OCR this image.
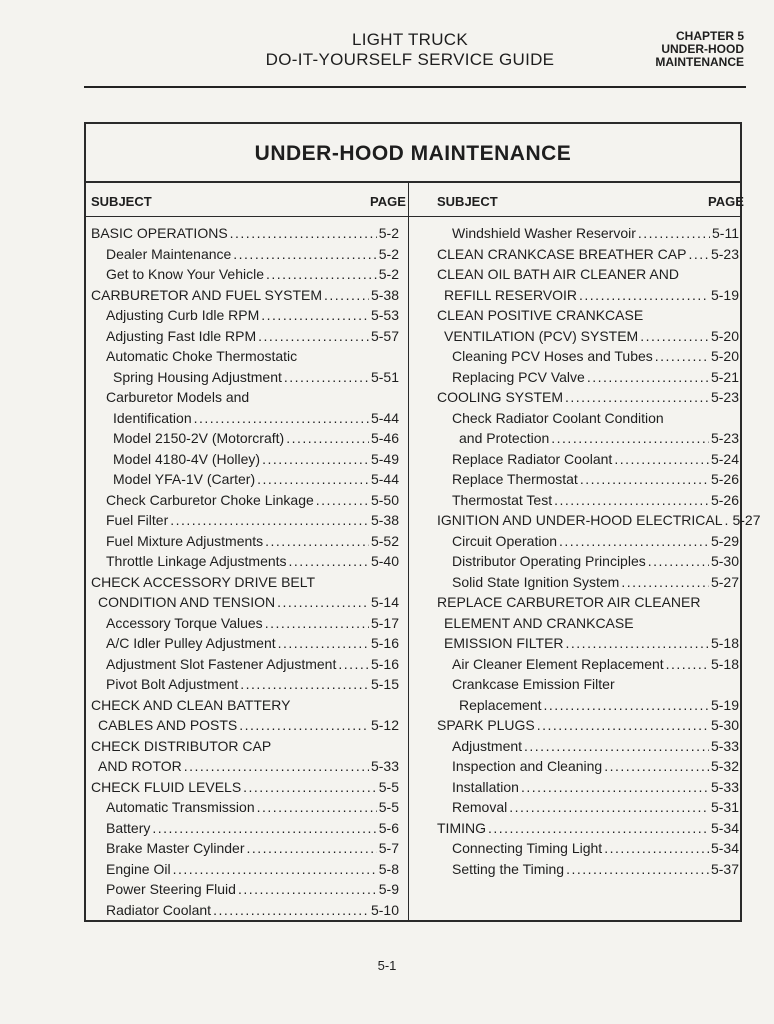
LIGHT TRUCK
DO-IT-YOURSELF SERVICE GUIDE
CHAPTER 5
UNDER-HOOD
MAINTENANCE
UNDER-HOOD MAINTENANCE
SUBJECT	PAGE SUBJECT	PAGE
BASIC OPERATIONS . . .	5-2
Dealer Maintenance . . .	5-2
Get to Know Your Vehicle . . .	5-2
CARBURETOR AND FUEL SYSTEM . . .	5-38
Adjusting Curb Idle RPM . . .	5-53
Adjusting Fast Idle RPM . . .	5-57
Automatic Choke Thermostatic
Spring Housing Adjustment . . .	5-51
Carburetor Models and
Identification . . .	5-44
Model 2150-2V (Motorcraft) . . .	5-46
Model 4180-4V (Holley) . . .	5-49
Model YFA-1V (Carter) . . .	5-44
Check Carburetor Choke Linkage . . .	5-50
Fuel Filter . . .	5-38
Fuel Mixture Adjustments . . .	5-52
Throttle Linkage Adjustments . . .	5-40
CHECK ACCESSORY DRIVE BELT
CONDITION AND TENSION . . .	5-14
Accessory Torque Values . . .	5-17
A/C Idler Pulley Adjustment . . .	5-16
Adjustment Slot Fastener Adjustment . . . 5-16
Pivot Bolt Adjustment . . .	5-15
CHECK AND CLEAN BATTERY
CABLES AND POSTS . . .	5-12
CHECK DISTRIBUTOR CAP
AND ROTOR . . .	5-33
CHECK FLUID LEVELS . . .	5-5
Automatic Transmission . . .	5-5
Battery . . .	5-6
Brake Master Cylinder . . .	5-7
Engine Oil . . .	5-8
Power Steering Fluid . . .	5-9
Radiator Coolant . . .	5-10
Windshield Washer Reservoir . . .	5-11
CLEAN CRANKCASE BREATHER CAP . . . 5-23
CLEAN OIL BATH AIR CLEANER AND
REFILL RESERVOIR . . .	5-19
CLEAN POSITIVE CRANKCASE
VENTILATION (PCV) SYSTEM . . .	5-20
Cleaning PCV Hoses and Tubes . . .	5-20
Replacing PCV Valve . . .	5-21
COOLING SYSTEM . . .	5-23
Check Radiator Coolant Condition
and Protection . . .	5-23
Replace Radiator Coolant . . .	5-24
Replace Thermostat . . .	5-26
Thermostat Test . . .	5-26
IGNITION AND UNDER-HOOD ELECTRICAL . . . 5-27
Circuit Operation . . .	5-29
Distributor Operating Principles . . .	5-30
Solid State Ignition System . . .	5-27
REPLACE CARBURETOR AIR CLEANER
ELEMENT AND CRANKCASE
EMISSION FILTER . . .	5-18
Air Cleaner Element Replacement . . .	5-18
Crankcase Emission Filter
Replacement . . .	5-19
SPARK PLUGS . . .	5-30
Adjustment . . .	5-33
Inspection and Cleaning . . .	5-32
Installation . . .	5-33
Removal . . .	5-31
TIMING . . .	5-34
Connecting Timing Light . . .	5-34
Setting the Timing . . .	5-37
5-1
